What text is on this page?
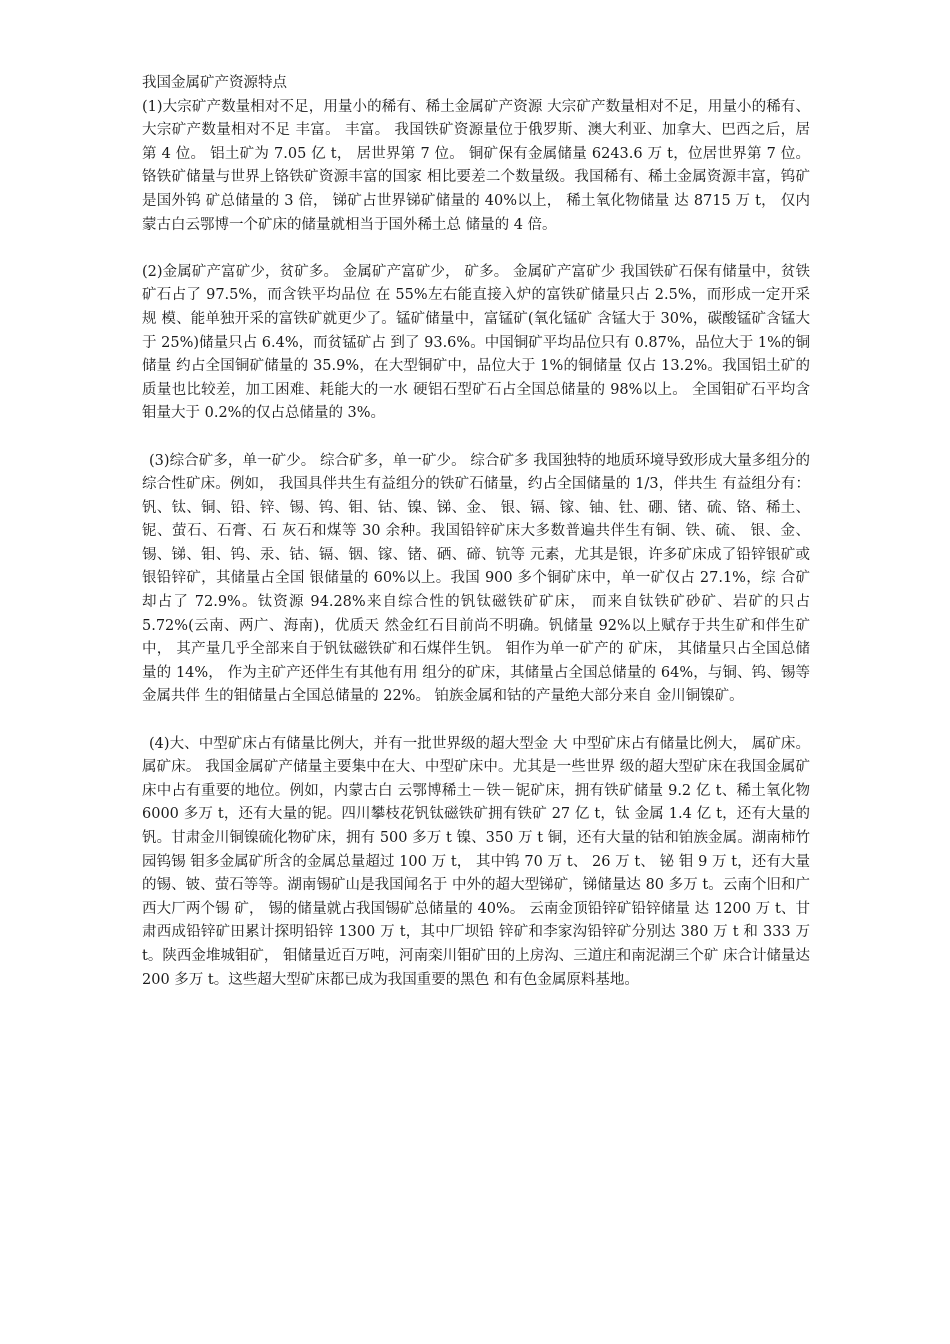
我国金属矿产资源特点

(1)大宗矿产数量相对不足，用量小的稀有、稀土金属矿产资源 大宗矿产数量相对不足，用量小的稀有、 大宗矿产数量相对不足 丰富。 丰富。 我国铁矿资源量位于俄罗斯、澳大利亚、加拿大、巴西之后，居 第 4 位。 铝土矿为 7.05 亿 t， 居世界第 7 位。 铜矿保有金属储量 6243.6 万 t，位居世界第 7 位。铬铁矿储量与世界上铬铁矿资源丰富的国家 相比要差二个数量级。我国稀有、稀土金属资源丰富，钨矿是国外钨 矿总储量的 3 倍， 锑矿占世界锑矿储量的 40%以上， 稀土氧化物储量 达 8715 万 t， 仅内蒙古白云鄂博一个矿床的储量就相当于国外稀土总 储量的 4 倍。

(2)金属矿产富矿少，贫矿多。 金属矿产富矿少， 矿多。 金属矿产富矿少 我国铁矿石保有储量中，贫铁矿石占了 97.5%，而含铁平均品位 在 55%左右能直接入炉的富铁矿储量只占 2.5%，而形成一定开采规 模、能单独开采的富铁矿就更少了。锰矿储量中，富锰矿(氧化锰矿 含锰大于 30%，碳酸锰矿含锰大于 25%)储量只占 6.4%，而贫锰矿占 到了 93.6%。中国铜矿平均品位只有 0.87%，品位大于 1%的铜储量 约占全国铜矿储量的 35.9%，在大型铜矿中，品位大于 1%的铜储量 仅占 13.2%。我国铝土矿的质量也比较差，加工困难、耗能大的一水 硬铝石型矿石占全国总储量的 98%以上。 全国钼矿石平均含钼量大于 0.2%的仅占总储量的 3%。

(3)综合矿多，单一矿少。 综合矿多，单一矿少。 综合矿多 我国独特的地质环境导致形成大量多组分的综合性矿床。例如， 我国具伴共生有益组分的铁矿石储量，约占全国储量的 1/3，伴共生 有益组分有：钒、钛、铜、铅、锌、锡、钨、钼、钴、镍、锑、金、 银、镉、镓、铀、钍、硼、锗、硫、铬、稀土、铌、萤石、石膏、石 灰石和煤等 30 余种。我国铅锌矿床大多数普遍共伴生有铜、铁、硫、 银、金、锡、锑、钼、钨、汞、钴、镉、铟、镓、锗、硒、碲、钪等 元素，尤其是银，许多矿床成了铅锌银矿或银铅锌矿，其储量占全国 银储量的 60%以上。我国 900 多个铜矿床中，单一矿仅占 27.1%，综 合矿却占了 72.9%。钛资源 94.28%来自综合性的钒钛磁铁矿矿床， 而来自钛铁矿砂矿、岩矿的只占 5.72%(云南、两广、海南)，优质天 然金红石目前尚不明确。钒储量 92%以上赋存于共生矿和伴生矿中， 其产量几乎全部来自于钒钛磁铁矿和石煤伴生钒。 钼作为单一矿产的 矿床， 其储量只占全国总储量的 14%， 作为主矿产还伴生有其他有用 组分的矿床，其储量占全国总储量的 64%，与铜、钨、锡等金属共伴 生的钼储量占全国总储量的 22%。 铂族金属和钴的产量绝大部分来自 金川铜镍矿。

(4)大、中型矿床占有储量比例大，并有一批世界级的超大型金 大 中型矿床占有储量比例大， 属矿床。 属矿床。 我国金属矿产储量主要集中在大、中型矿床中。尤其是一些世界 级的超大型矿床在我国金属矿床中占有重要的地位。例如，内蒙古白 云鄂博稀土－铁－铌矿床，拥有铁矿储量 9.2 亿 t、稀土氧化物 6000 多万 t，还有大量的铌。四川攀枝花钒钛磁铁矿拥有铁矿 27 亿 t，钛 金属 1.4 亿 t，还有大量的钒。甘肃金川铜镍硫化物矿床，拥有 500 多万 t 镍、350 万 t 铜，还有大量的钴和铂族金属。湖南柿竹园钨锡 钼多金属矿所含的金属总量超过 100 万 t， 其中钨 70 万 t、 26 万 t、 铋 钼 9 万 t，还有大量的锡、铍、萤石等等。湖南锡矿山是我国闻名于 中外的超大型锑矿，锑储量达 80 多万 t。云南个旧和广西大厂两个锡 矿， 锡的储量就占我国锡矿总储量的 40%。 云南金顶铅锌矿铅锌储量 达 1200 万 t、甘肃西成铅锌矿田累计探明铅锌 1300 万 t，其中厂坝铅 锌矿和李家沟铅锌矿分别达 380 万 t 和 333 万 t。陕西金堆城钼矿， 钼储量近百万吨，河南栾川钼矿田的上房沟、三道庄和南泥湖三个矿 床合计储量达 200 多万 t。这些超大型矿床都已成为我国重要的黑色 和有色金属原料基地。
